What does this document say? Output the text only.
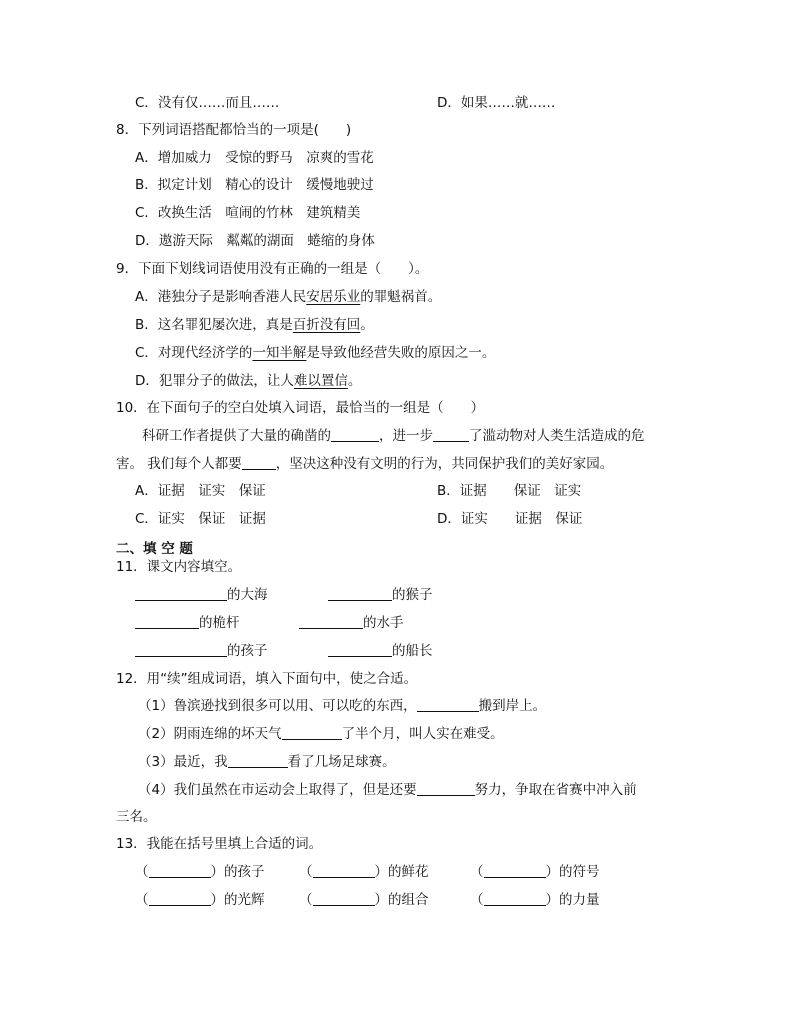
C．没有仅……而且……	D．如果……就……
8．下列词语搭配都恰当的一项是(　　)
A．增加威力　受惊的野马　凉爽的雪花
B．拟定计划　精心的设计　缓慢地驶过
C．改换生活　喧闹的竹林　建筑精美
D．遨游天际　粼粼的湖面　蜷缩的身体
9．下面下划线词语使用没有正确的一组是（　　）。
A．港独分子是影响香港人民安居乐业的罪魁祸首。
B．这名罪犯屡次进，真是百折没有回。
C．对现代经济学的一知半解是导致他经营失败的原因之一。
D．犯罪分子的做法，让人难以置信。
10．在下面句子的空白处填入词语，最恰当的一组是（　　）
科研工作者提供了大量的确凿的	，进一步	了滥动物对人类生活造成的危
害。 我们每个人都要	，坚决这种没有文明的行为，共同保护我们的美好家园。
A．证据　证实　保证	B．证据　　保证　证实
C．证实　保证　证据	D．证实　　证据　保证
二、填 空 题
11．课文内容填空。
的大海	的猴子
的桅杆	的水手
的孩子	的船长
12．用“续”组成词语，填入下面句中，使之合适。
（1）鲁滨逊找到很多可以用、可以吃的东西，	搬到岸上。
（2）阴雨连绵的坏天气	了半个月，叫人实在难受。
（3）最近，我	看了几场足球赛。
（4）我们虽然在市运动会上取得了，但是还要	努力，争取在省赛中冲入前
三名。
13．我能在括号里填上合适的词。
（	）的孩子	（	）的鲜花	（	）的符号
（	）的光辉	（	）的组合	（	）的力量
